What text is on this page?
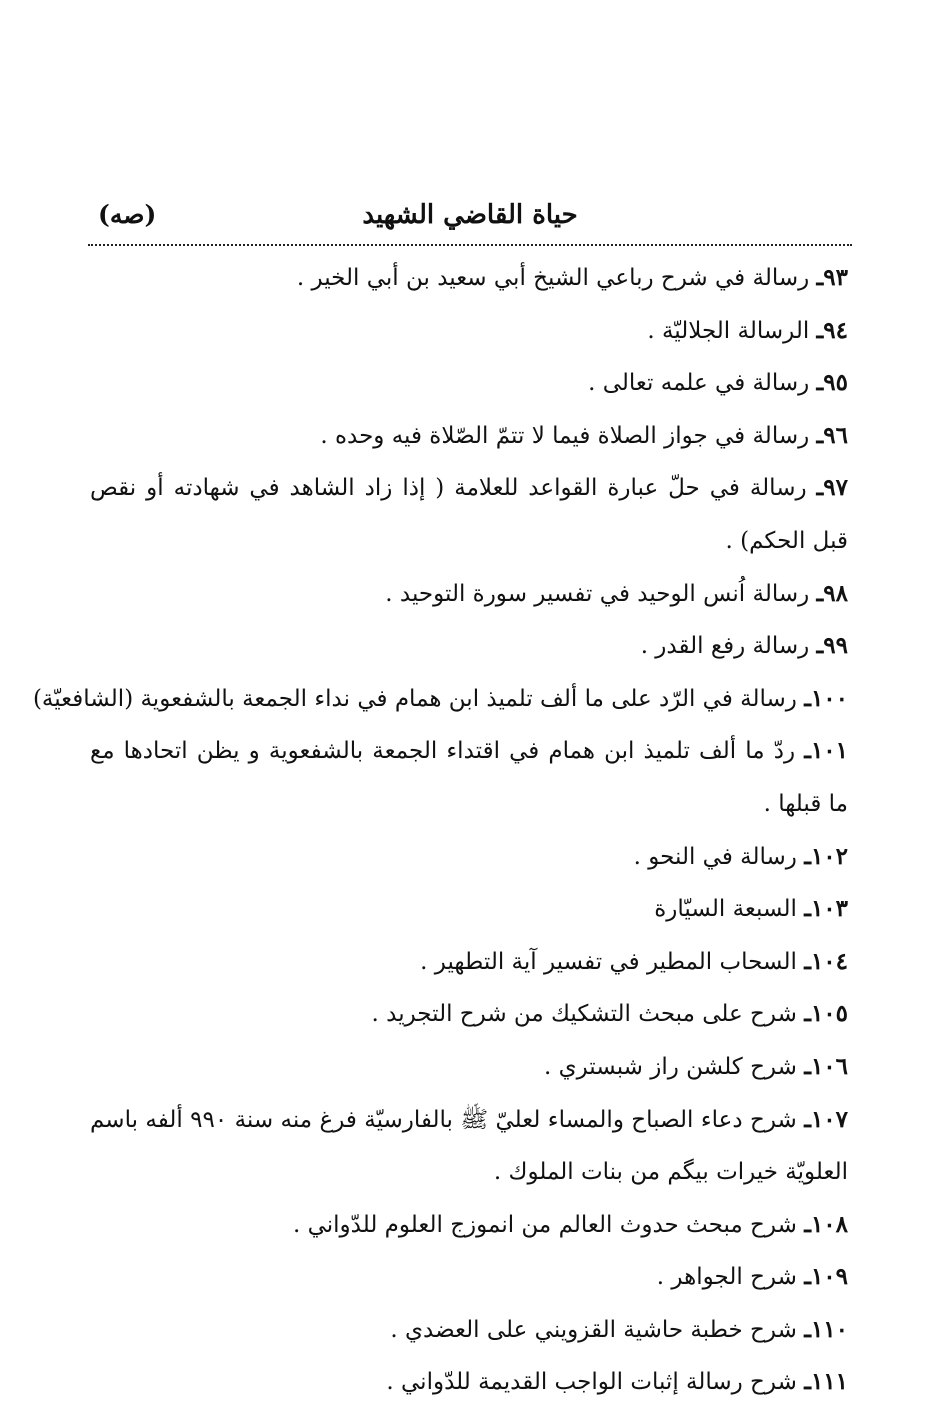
حياة القاضي الشهيد
(صه)
٩٣ـ رسالة في شرح رباعي الشيخ أبي سعيد بن أبي الخير .
٩٤ـ الرسالة الجلاليّة .
٩٥ـ رسالة في علمه تعالى .
٩٦ـ رسالة في جواز الصلاة فيما لا تتمّ الصّلاة فيه وحده .
٩٧ـ رسالة في حلّ عبارة القواعد للعلامة ( إذا زاد الشاهد في شهادته أو نقص
قبل الحكم) .
٩٨ـ رسالة اُنس الوحيد في تفسير سورة التوحيد .
٩٩ـ رسالة رفع القدر .
١٠٠ـ رسالة في الرّد على ما ألف تلميذ ابن همام في نداء الجمعة بالشفعوية (الشافعيّة)
١٠١ـ ردّ ما ألف تلميذ ابن همام في اقتداء الجمعة بالشفعوية و يظن اتحادها مع
ما قبلها .
١٠٢ـ رسالة في النحو .
١٠٣ـ السبعة السيّارة
١٠٤ـ السحاب المطير في تفسير آية التطهير .
١٠٥ـ شرح على مبحث التشكيك من شرح التجريد .
١٠٦ـ شرح كلشن راز شبستري .
١٠٧ـ شرح دعاء الصباح والمساء لعليّ ﷺ بالفارسيّة فرغ منه سنة ٩٩٠ ألفه باسم
العلويّة خيرات بيگم من بنات الملوك .
١٠٨ـ شرح مبحث حدوث العالم من انموزج العلوم للدّواني .
١٠٩ـ شرح الجواهر .
١١٠ـ شرح خطبة حاشية القزويني على العضدي .
١١١ـ شرح رسالة إثبات الواجب القديمة للدّواني .
